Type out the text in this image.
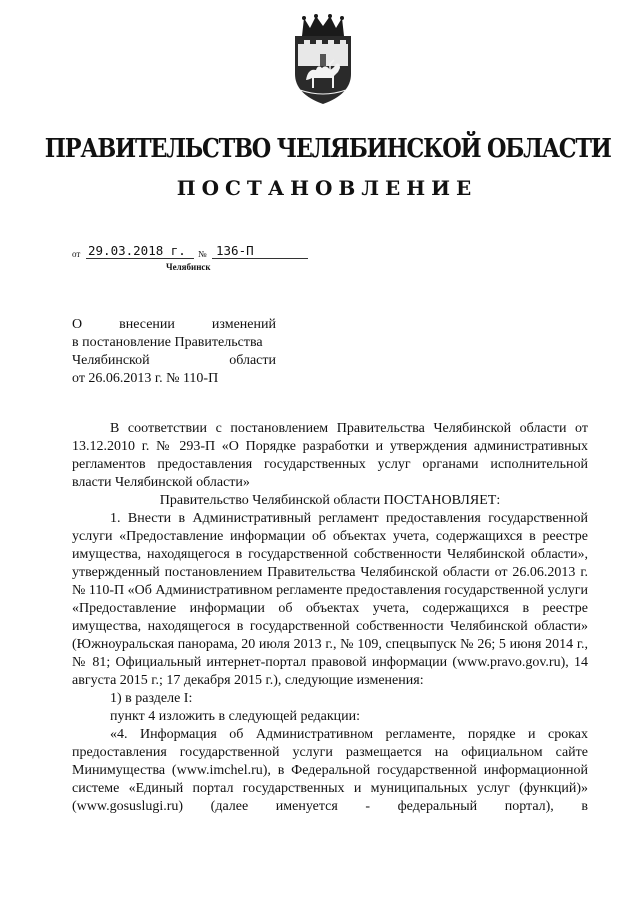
ПРАВИТЕЛЬСТВО ЧЕЛЯБИНСКОЙ ОБЛАСТИ
ПОСТАНОВЛЕНИЕ
от 29.03.2018 г. № 136-П
Челябинск
О внесении изменений
в постановление Правительства
Челябинской области
от 26.06.2013 г. № 110-П

В соответствии с постановлением Правительства Челябинской области от 13.12.2010 г. № 293-П «О Порядке разработки и утверждения административных регламентов предоставления государственных услуг органами исполнительной власти Челябинской области»

Правительство Челябинской области ПОСТАНОВЛЯЕТ:

1. Внести в Административный регламент предоставления государственной услуги «Предоставление информации об объектах учета, содержащихся в реестре имущества, находящегося в государственной собственности Челябинской области», утвержденный постановлением Правительства Челябинской области от 26.06.2013 г. № 110-П «Об Административном регламенте предоставления государственной услуги «Предоставление информации об объектах учета, содержащихся в реестре имущества, находящегося в государственной собственности Челябинской области» (Южноуральская панорама, 20 июля 2013 г., № 109, спецвыпуск № 26; 5 июня 2014 г., № 81; Официальный интернет-портал правовой информации (www.pravo.gov.ru), 14 августа 2015 г.; 17 декабря 2015 г.), следующие изменения:

1) в разделе I:

пункт 4 изложить в следующей редакции:

«4. Информация об Административном регламенте, порядке и сроках предоставления государственной услуги размещается на официальном сайте Минимущества (www.imchel.ru), в Федеральной государственной информационной системе «Единый портал государственных и муниципальных услуг (функций)» (www.gosuslugi.ru) (далее именуется - федеральный портал), в
